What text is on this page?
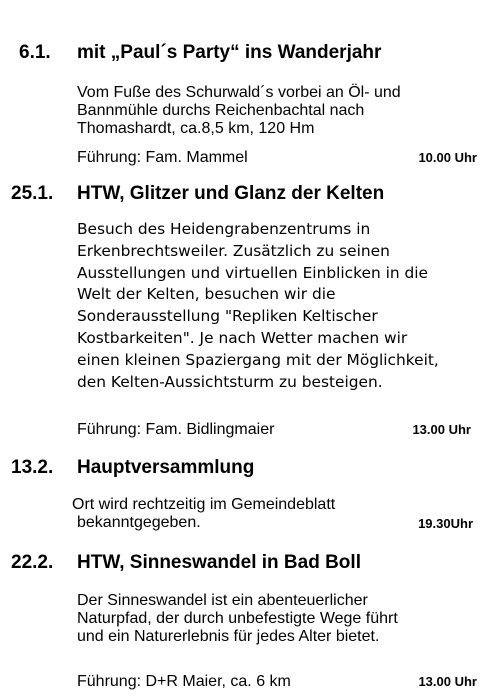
6.1. mit „Paul´s Party“ ins Wanderjahr

Vom Fuße des Schurwald´s vorbei an Öl- und
Bannmühle durchs Reichenbachtal nach
Thomashardt, ca.8,5 km, 120 Hm

Führung: Fam. Mammel	10.00 Uhr
25.1. HTW, Glitzer und Glanz der Kelten

Besuch des Heidengrabenzentrums in
Erkenbrechtsweiler. Zusätzlich zu seinen
Ausstellungen und virtuellen Einblicken in die
Welt der Kelten, besuchen wir die
Sonderausstellung "Repliken Keltischer
Kostbarkeiten". Je nach Wetter machen wir
einen kleinen Spaziergang mit der Möglichkeit,
den Kelten-Aussichtsturm zu besteigen.

Führung: Fam. Bidlingmaier	13.00 Uhr
13.2. Hauptversammlung

Ort wird rechtzeitig im Gemeindeblatt

bekanntgegeben.	19.30Uhr
22.2. HTW, Sinneswandel in Bad Boll

Der Sinneswandel ist ein abenteuerlicher
Naturpfad, der durch unbefestigte Wege führt
und ein Naturerlebnis für jedes Alter bietet.

Führung: D+R Maier, ca. 6 km	13.00 Uhr
